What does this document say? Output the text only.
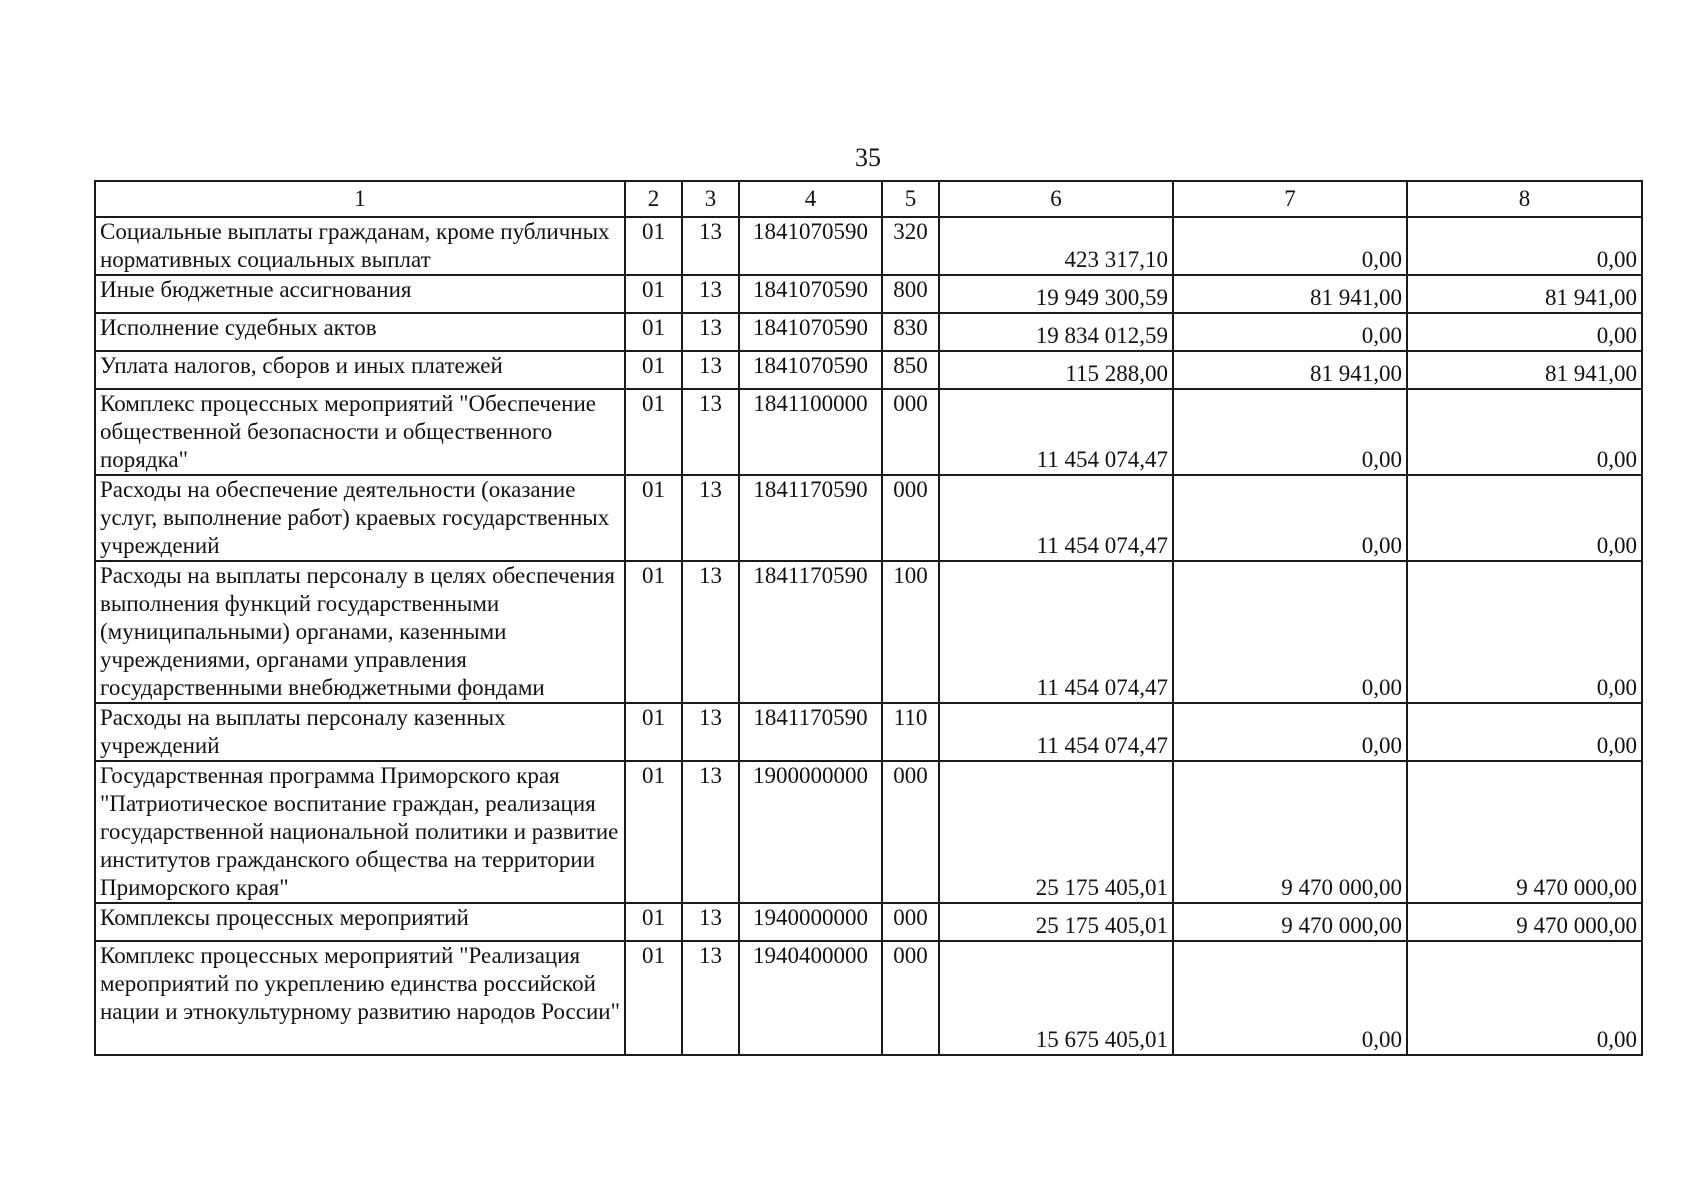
35
1	2	3	4	5	6	7	8
Социальные выплаты гражданам, кроме публичных нормативных социальных выплат	01	13	1841070590	320	423 317,10	0,00	0,00
Иные бюджетные ассигнования	01	13	1841070590	800	19 949 300,59	81 941,00	81 941,00
Исполнение судебных актов	01	13	1841070590	830	19 834 012,59	0,00	0,00
Уплата налогов, сборов и иных платежей	01	13	1841070590	850	115 288,00	81 941,00	81 941,00
Комплекс процессных мероприятий "Обеспечение общественной безопасности и общественного порядка"	01	13	1841100000	000	11 454 074,47	0,00	0,00
Расходы на обеспечение деятельности (оказание услуг, выполнение работ) краевых государственных учреждений	01	13	1841170590	000	11 454 074,47	0,00	0,00
Расходы на выплаты персоналу в целях обеспечения выполнения функций государственными (муниципальными) органами, казенными учреждениями, органами управления государственными внебюджетными фондами	01	13	1841170590	100	11 454 074,47	0,00	0,00
Расходы на выплаты персоналу казенных учреждений	01	13	1841170590	110	11 454 074,47	0,00	0,00
Государственная программа Приморского края "Патриотическое воспитание граждан, реализация государственной национальной политики и развитие институтов гражданского общества на территории Приморского края"	01	13	1900000000	000	25 175 405,01	9 470 000,00	9 470 000,00
Комплексы процессных мероприятий	01	13	1940000000	000	25 175 405,01	9 470 000,00	9 470 000,00
Комплекс процессных мероприятий "Реализация мероприятий по укреплению единства российской нации и этнокультурному развитию народов России"	01	13	1940400000	000	15 675 405,01	0,00	0,00
